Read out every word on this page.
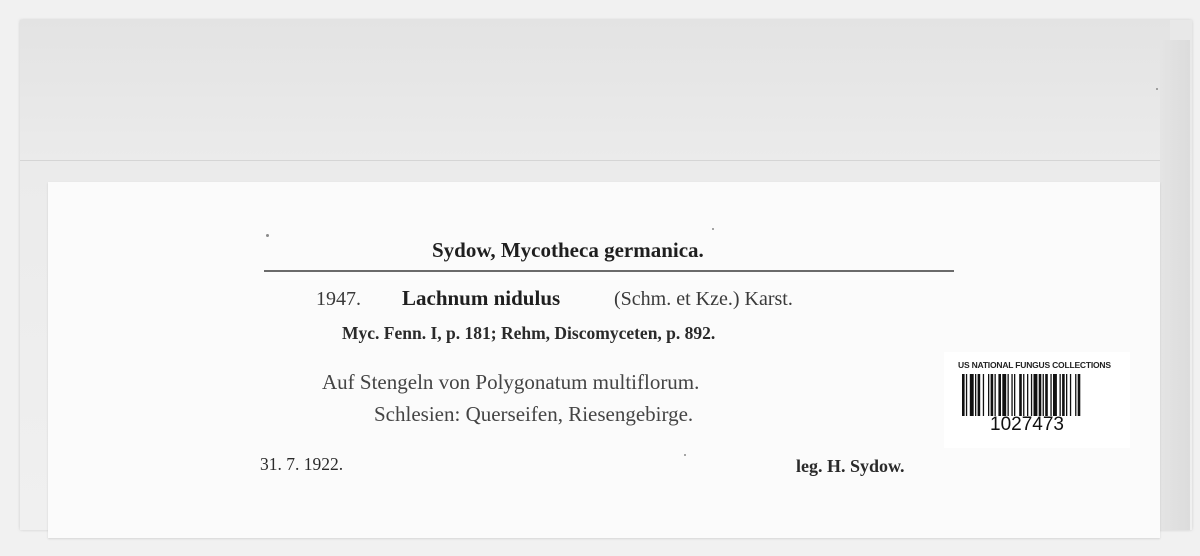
Sydow, Mycotheca germanica.
1947. Lachnum nidulus	(Schm. et Kze.) Karst.
Myc. Fenn. I, p. 181; Rehm, Discomyceten, p. 892.
Auf Stengeln von Polygonatum multiflorum.
Schlesien: Querseifen, Riesengebirge.
31. 7. 1922.	leg. H. Sydow.
US NATIONAL FUNGUS COLLECTIONS
1027473
